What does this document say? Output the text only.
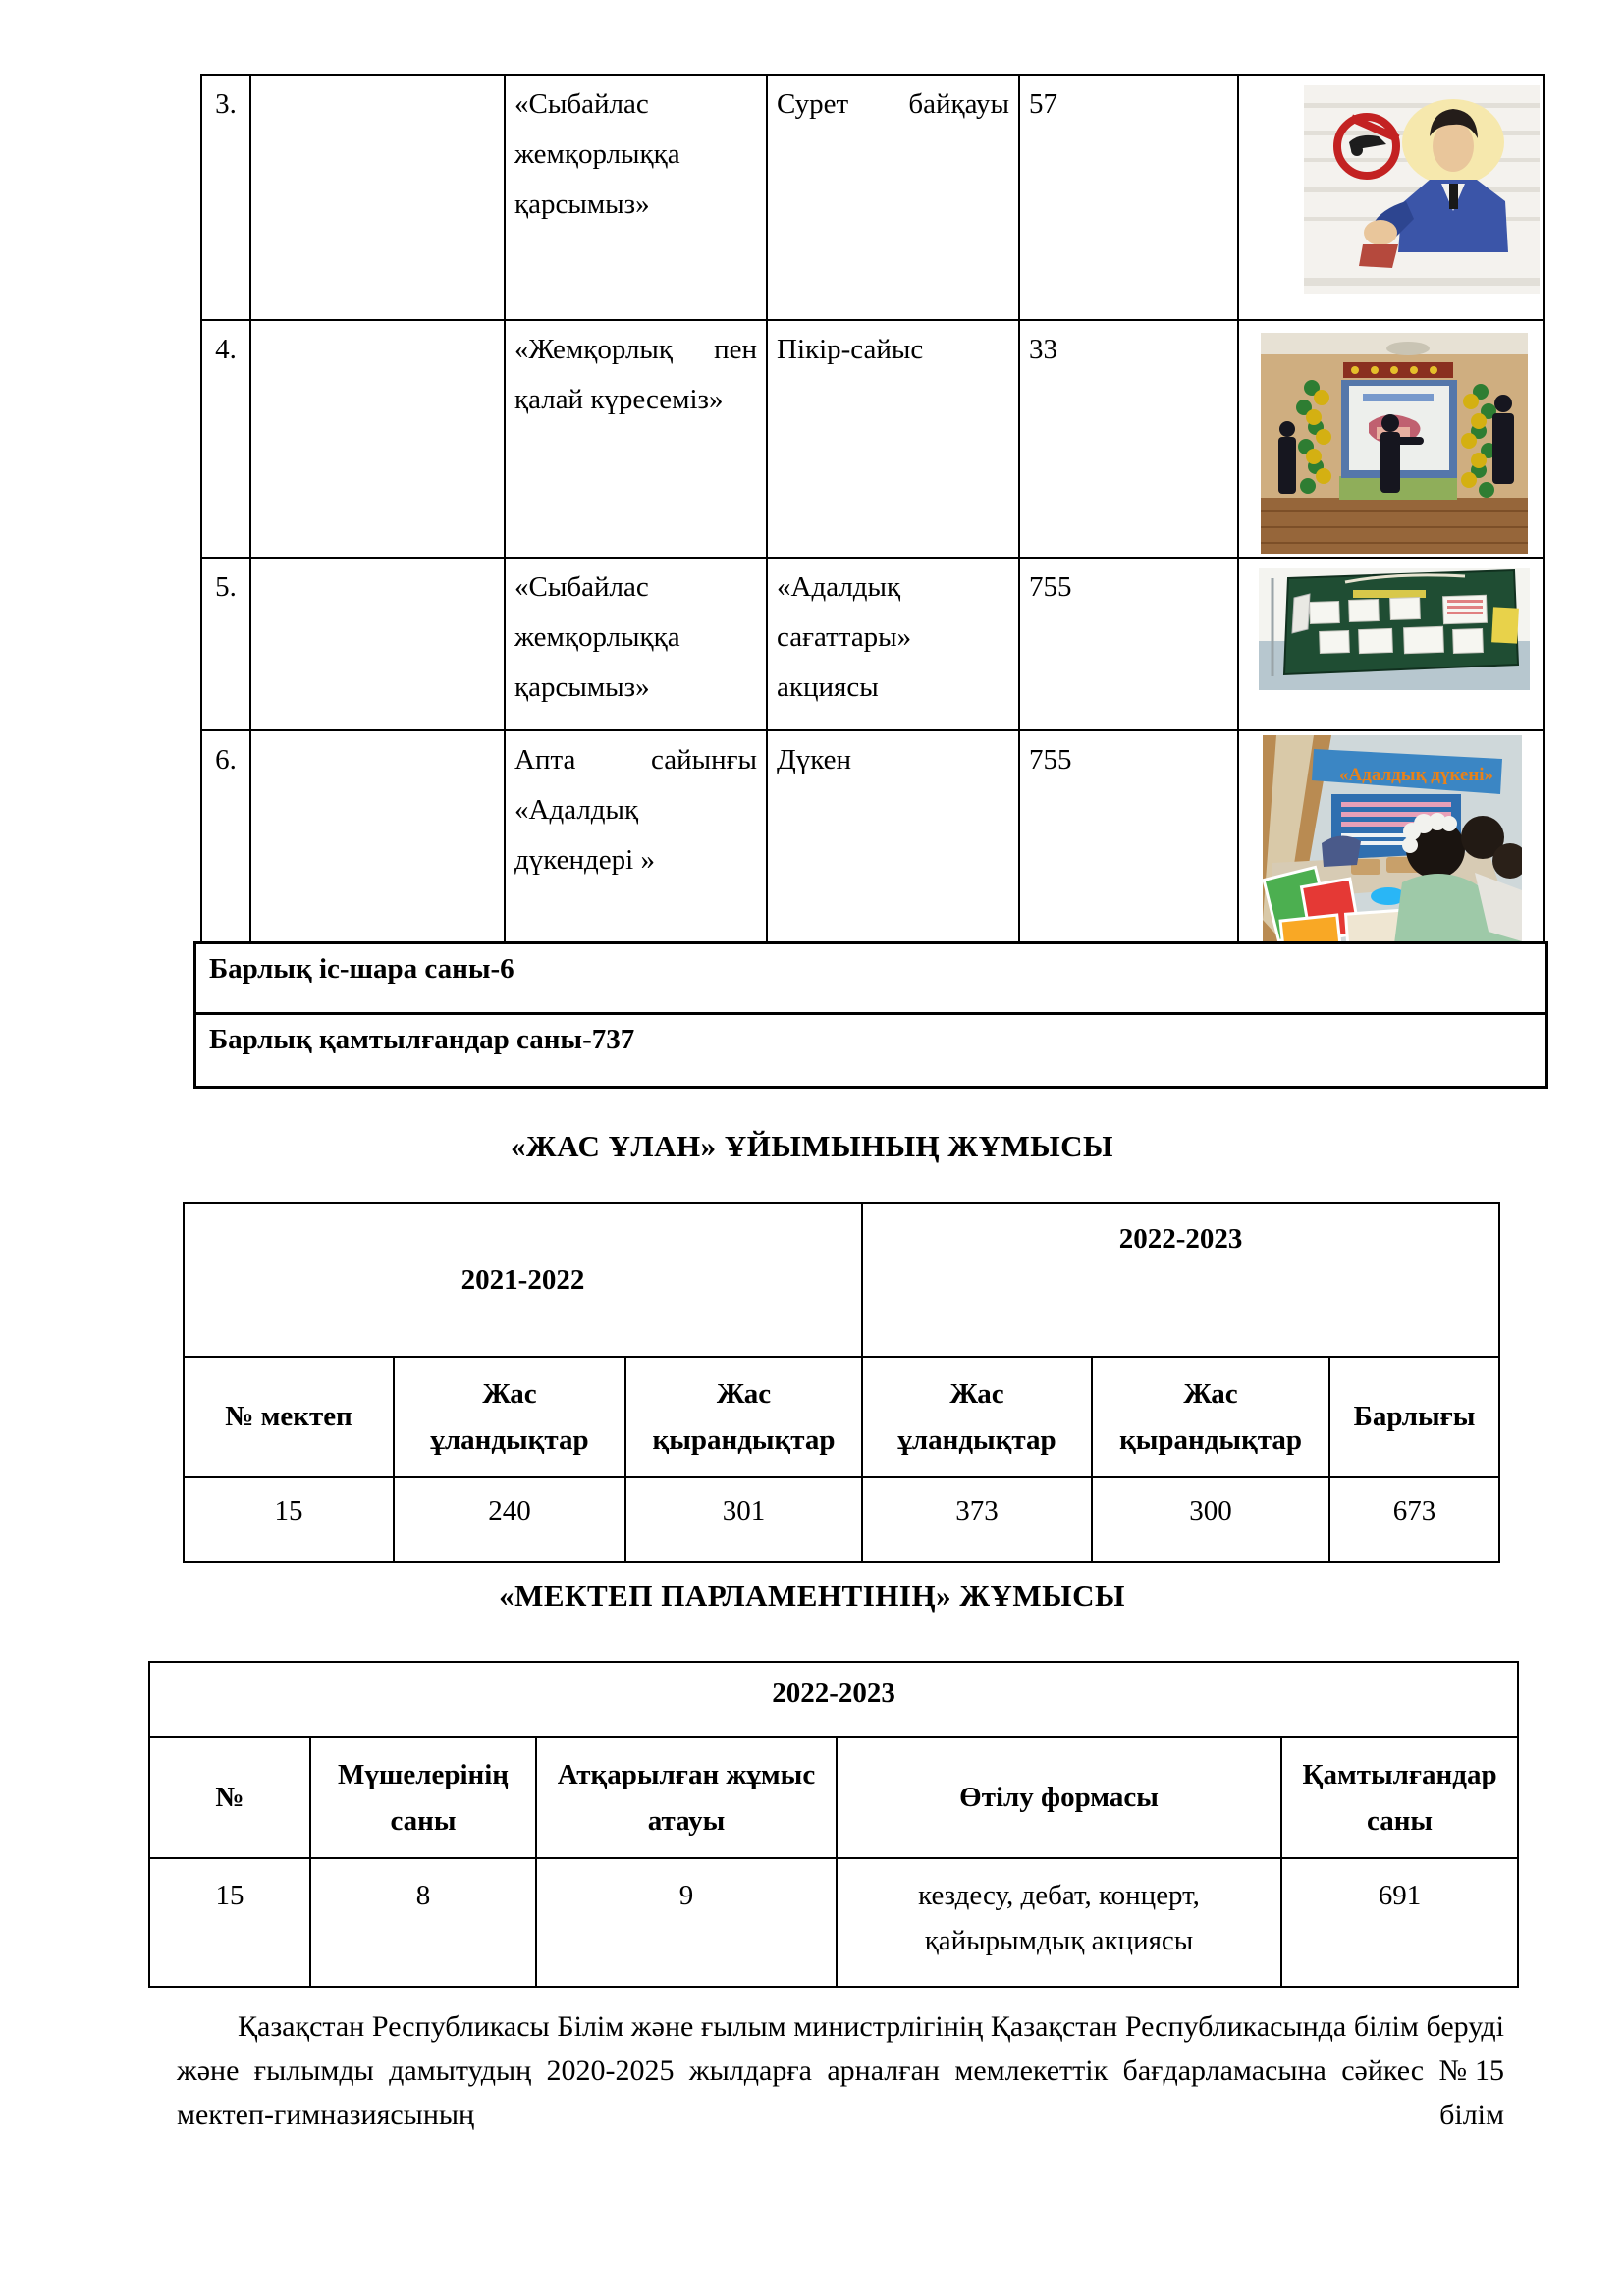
3.		«Сыбайлас жемқорлыққа қарсымыз»	Сурет байқауы	57	

4.		«Жемқорлық пен қалай күресеміз»	Пікір-сайыс	33	

5.		«Сыбайлас жемқорлыққа қарсымыз»	«Адалдық сағаттары» акциясы	755	

6.		Апта сайынғы «Адалдық дүкендері »	Дүкен	755	«Адалдық дүкені»
Барлық іс-шара саны-6
Барлық қамтылғандар саны-737
«ЖАС ҰЛАН» ҰЙЫМЫНЫҢ ЖҰМЫСЫ
2021-2022			2022-2023		
№ мектеп	Жас ұландықтар	Жас қырандықтар	Жас ұландықтар	Жас қырандықтар	Барлығы
15	240	301	373	300	673
«МЕКТЕП ПАРЛАМЕНТІНІҢ» ЖҰМЫСЫ
2022-2023				
№	Мүшелерінің саны	Атқарылған жұмыс атауы	Өтілу формасы	Қамтылғандар саны
15	8	9	кездесу, дебат, концерт, қайырымдық акциясы	691
Қазақстан Республикасы Білім және ғылым министрлігінің Қазақстан Республикасында білім беруді және ғылымды дамытудың 2020-2025 жылдарға арналған мемлекеттік бағдарламасына сәйкес №15 мектеп-гимназиясының білім
